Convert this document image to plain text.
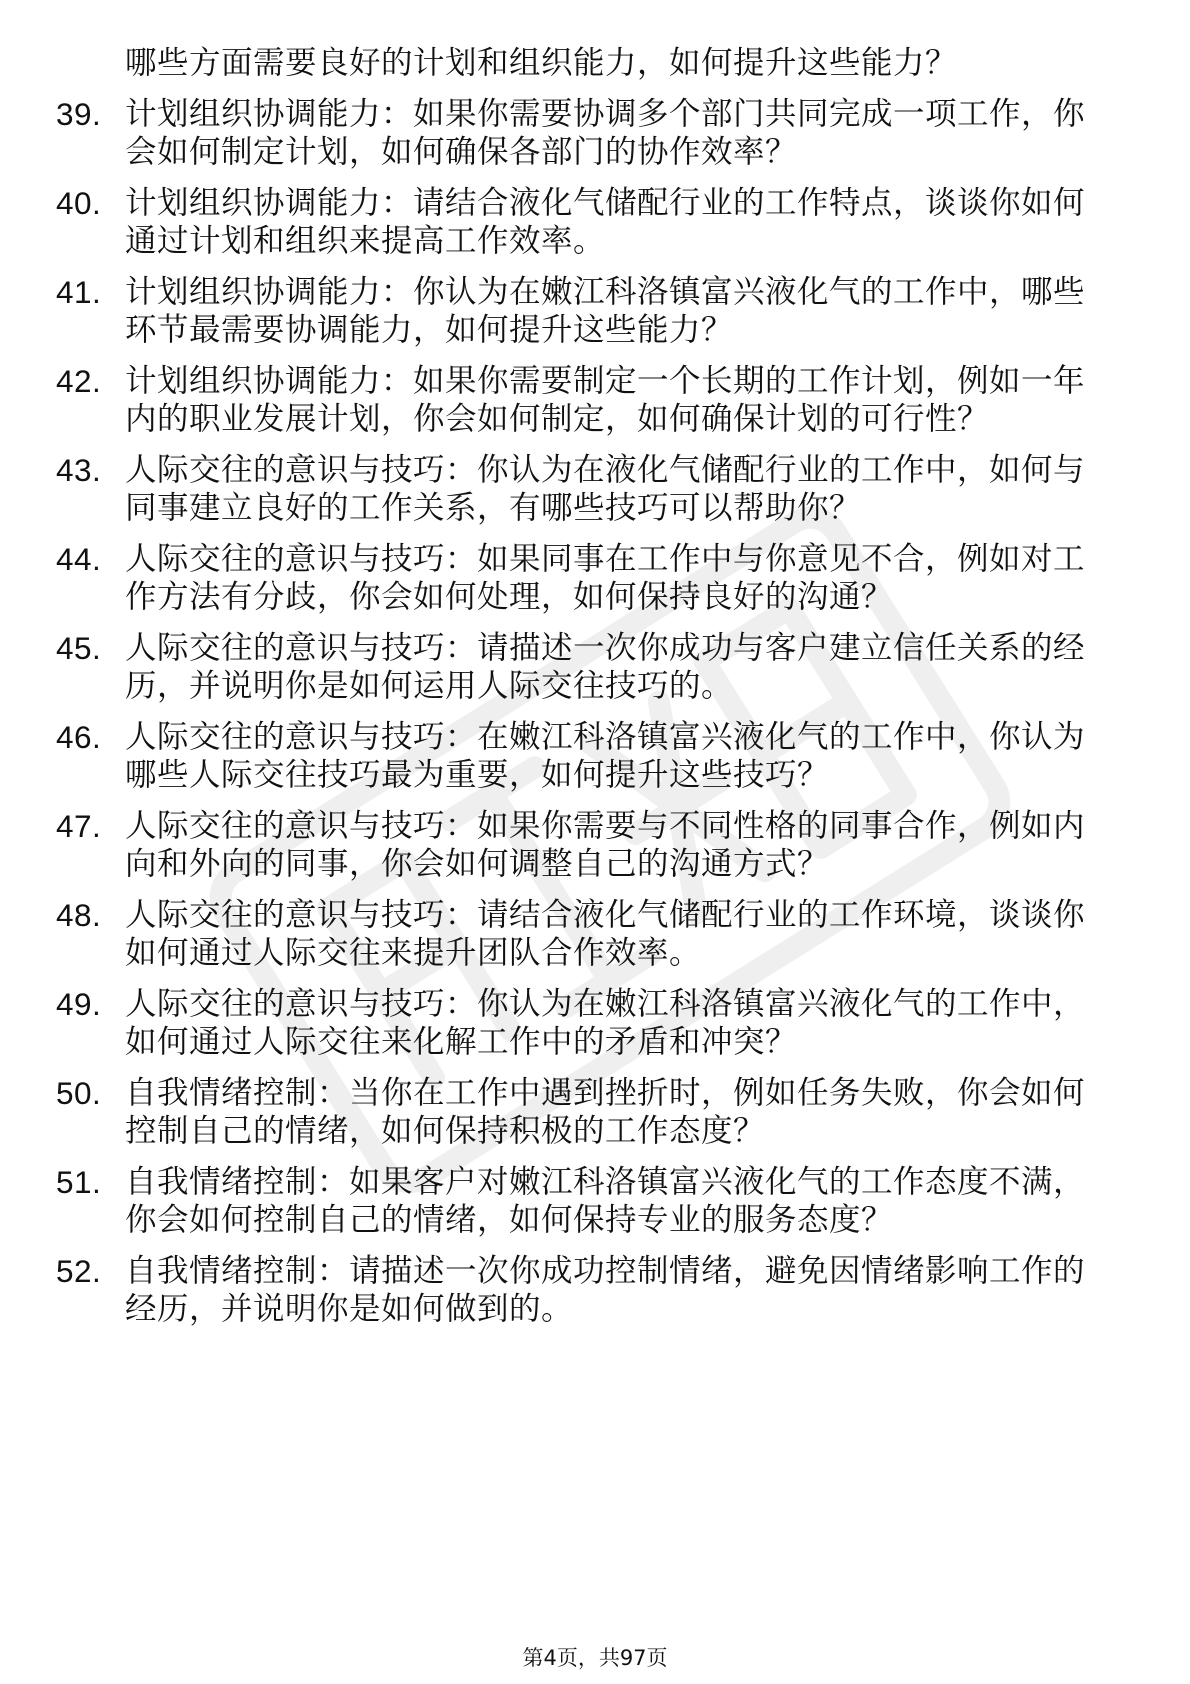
哪些方面需要良好的计划和组织能力，如何提升这些能力？
39. 计划组织协调能力：如果你需要协调多个部门共同完成一项工作，你会如何制定计划，如何确保各部门的协作效率？
40. 计划组织协调能力：请结合液化气储配行业的工作特点，谈谈你如何通过计划和组织来提高工作效率。
41. 计划组织协调能力：你认为在嫩江科洛镇富兴液化气的工作中，哪些环节最需要协调能力，如何提升这些能力？
42. 计划组织协调能力：如果你需要制定一个长期的工作计划，例如一年内的职业发展计划，你会如何制定，如何确保计划的可行性？
43. 人际交往的意识与技巧：你认为在液化气储配行业的工作中，如何与同事建立良好的工作关系，有哪些技巧可以帮助你？
44. 人际交往的意识与技巧：如果同事在工作中与你意见不合，例如对工作方法有分歧，你会如何处理，如何保持良好的沟通？
45. 人际交往的意识与技巧：请描述一次你成功与客户建立信任关系的经历，并说明你是如何运用人际交往技巧的。
46. 人际交往的意识与技巧：在嫩江科洛镇富兴液化气的工作中，你认为哪些人际交往技巧最为重要，如何提升这些技巧？
47. 人际交往的意识与技巧：如果你需要与不同性格的同事合作，例如内向和外向的同事，你会如何调整自己的沟通方式？
48. 人际交往的意识与技巧：请结合液化气储配行业的工作环境，谈谈你如何通过人际交往来提升团队合作效率。
49. 人际交往的意识与技巧：你认为在嫩江科洛镇富兴液化气的工作中，如何通过人际交往来化解工作中的矛盾和冲突？
50. 自我情绪控制：当你在工作中遇到挫折时，例如任务失败，你会如何控制自己的情绪，如何保持积极的工作态度？
51. 自我情绪控制：如果客户对嫩江科洛镇富兴液化气的工作态度不满，你会如何控制自己的情绪，如何保持专业的服务态度？
52. 自我情绪控制：请描述一次你成功控制情绪，避免因情绪影响工作的经历，并说明你是如何做到的。
第4页，共97页
